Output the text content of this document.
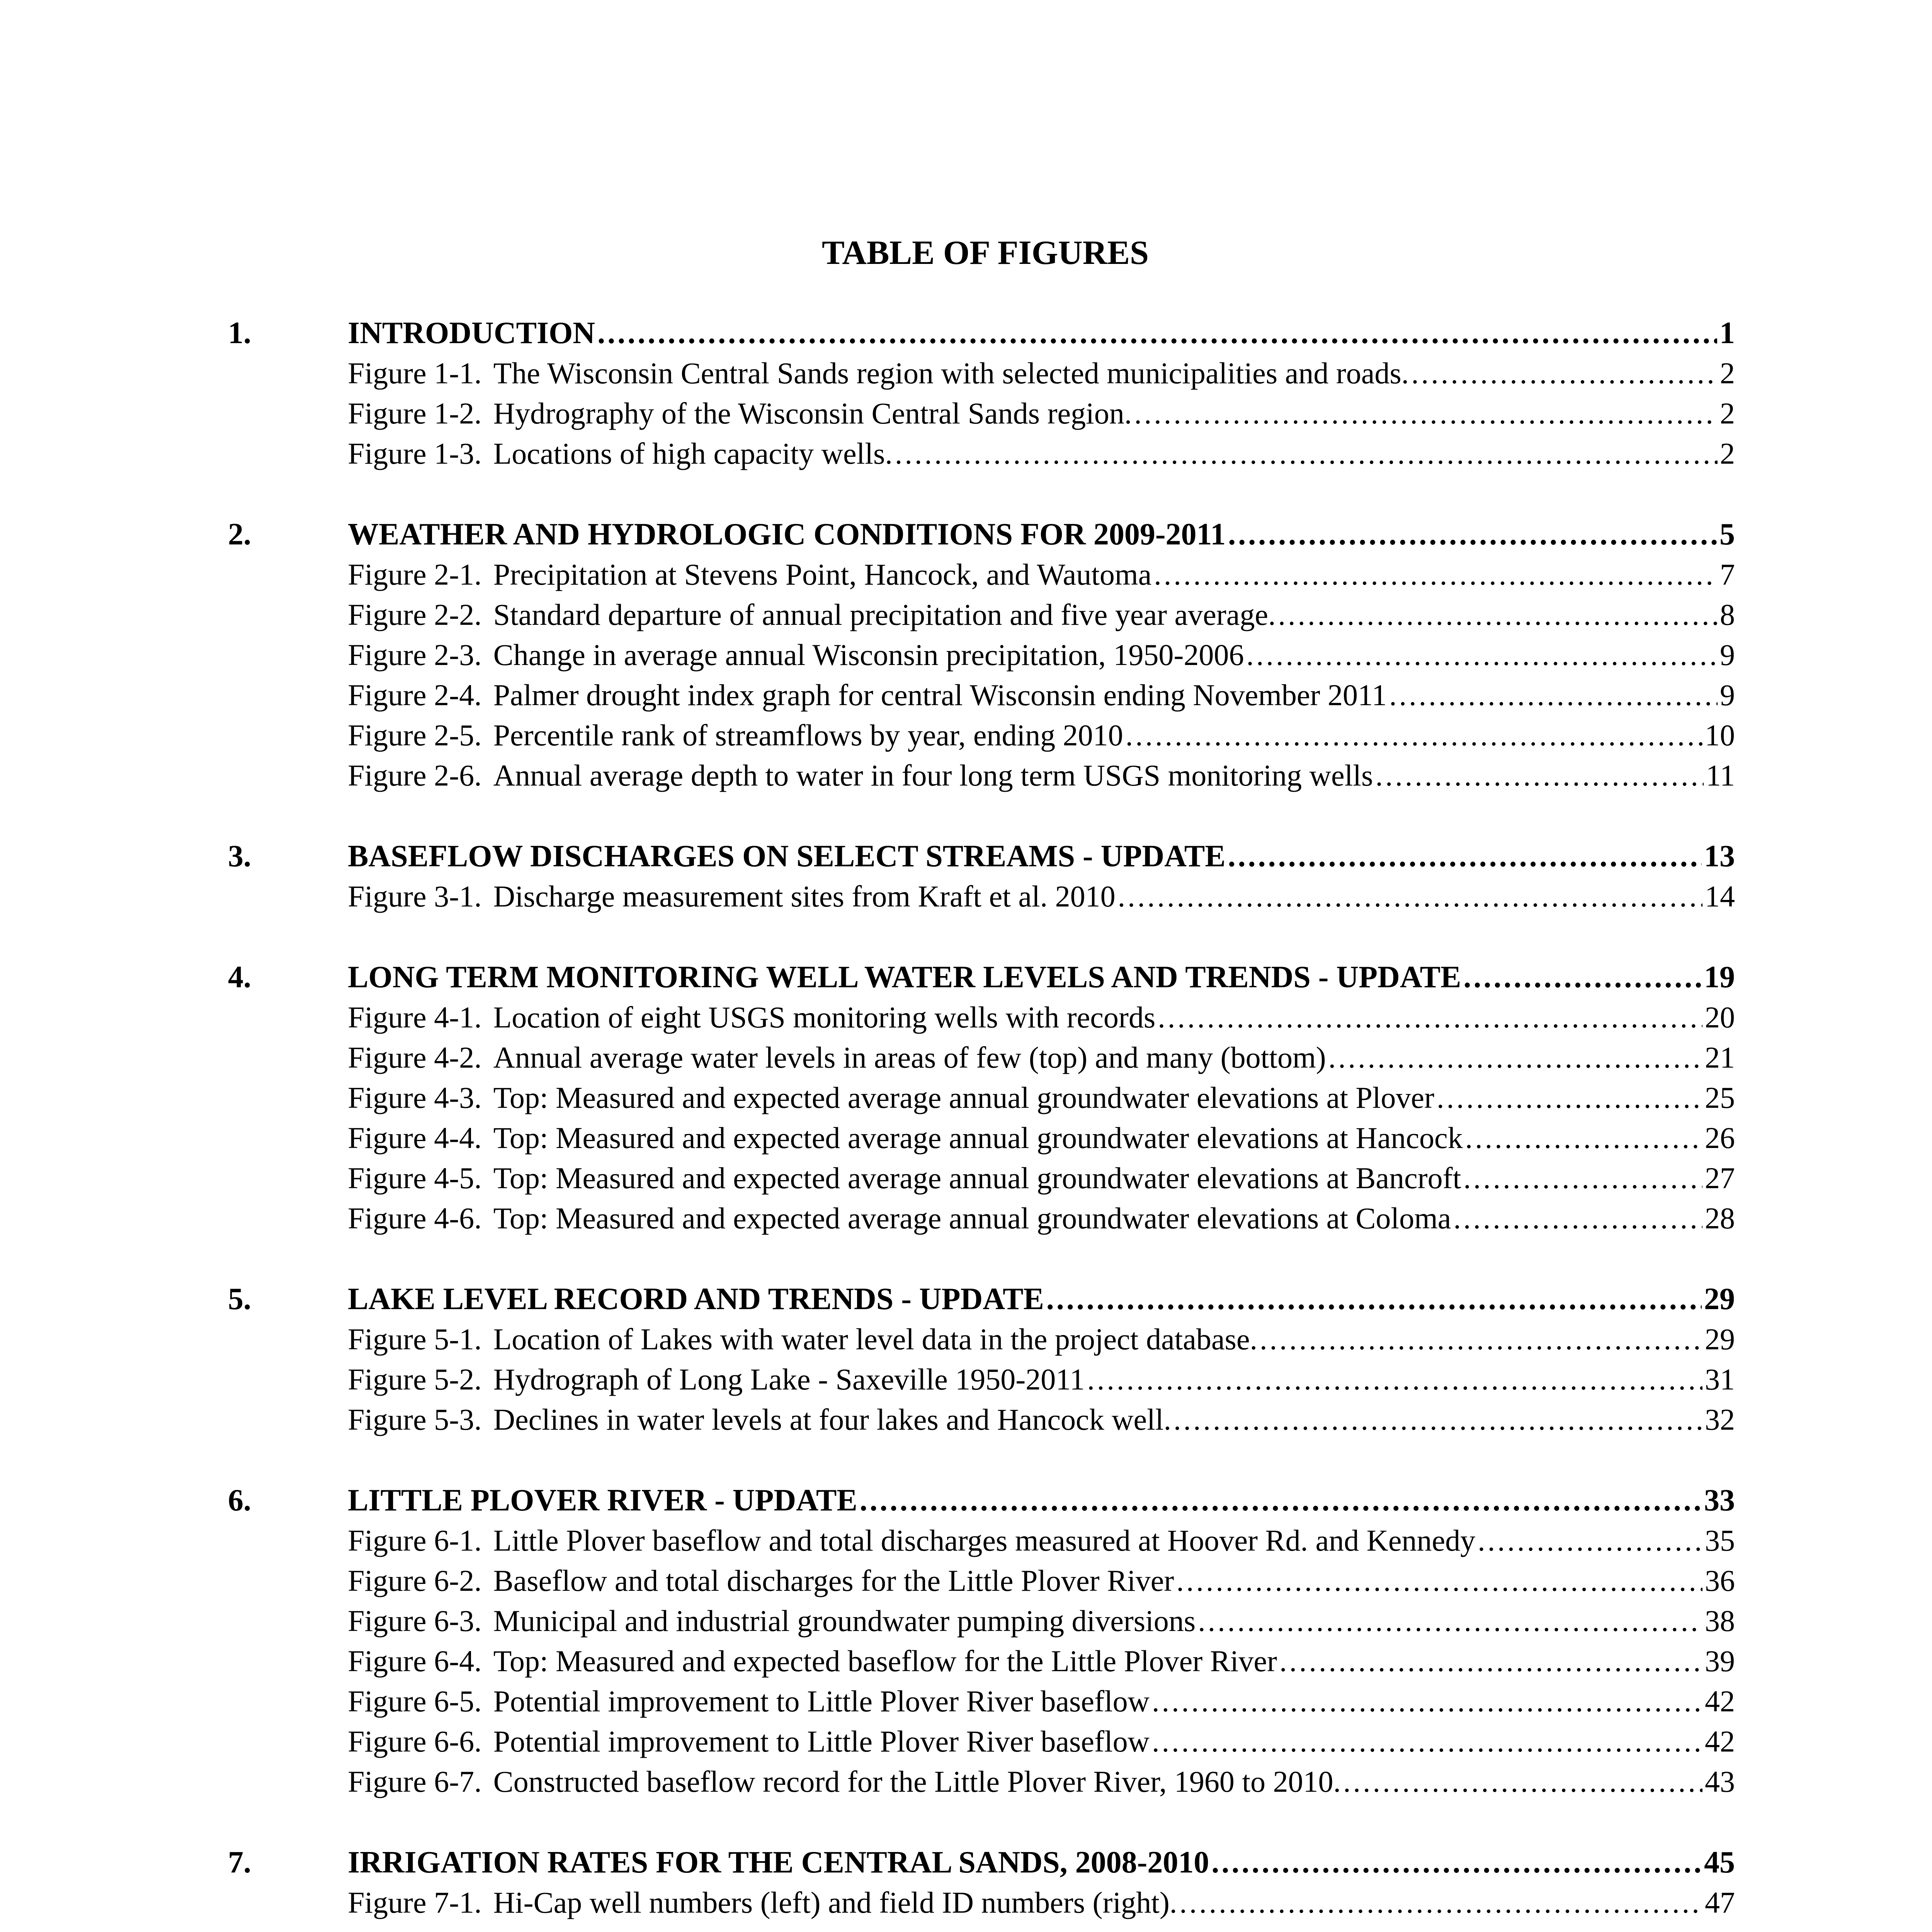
TABLE OF FIGURES
1.	INTRODUCTION .....	1
Figure 1-1. The Wisconsin Central Sands region with selected municipalities and roads. .....	2
Figure 1-2. Hydrography of the Wisconsin Central Sands region. .....	2
Figure 1-3. Locations of high capacity wells. .....	2
2.	WEATHER AND HYDROLOGIC CONDITIONS FOR 2009-2011 .....	5
Figure 2-1. Precipitation at Stevens Point, Hancock, and Wautoma .....	7
Figure 2-2. Standard departure of annual precipitation and five year average. .....	8
Figure 2-3. Change in average annual Wisconsin precipitation, 1950-2006 .....	9
Figure 2-4. Palmer drought index graph for central Wisconsin ending November 2011 .....	9
Figure 2-5. Percentile rank of streamflows by year, ending 2010 .....	10
Figure 2-6. Annual average depth to water in four long term USGS monitoring wells .....	11
3.	BASEFLOW DISCHARGES ON SELECT STREAMS - UPDATE .....	13
Figure 3-1. Discharge measurement sites from Kraft et al. 2010 .....	14
4.	LONG TERM MONITORING WELL WATER LEVELS AND TRENDS - UPDATE .....	19
Figure 4-1. Location of eight USGS monitoring wells with records .....	20
Figure 4-2. Annual average water levels in areas of few (top) and many (bottom) .....	21
Figure 4-3. Top: Measured and expected average annual groundwater elevations at Plover .....	25
Figure 4-4. Top: Measured and expected average annual groundwater elevations at Hancock .....	26
Figure 4-5. Top: Measured and expected average annual groundwater elevations at Bancroft .....	27
Figure 4-6. Top: Measured and expected average annual groundwater elevations at Coloma .....	28
5.	LAKE LEVEL RECORD AND TRENDS - UPDATE .....	29
Figure 5-1. Location of Lakes with water level data in the project database. .....	29
Figure 5-2. Hydrograph of Long Lake - Saxeville 1950-2011 .....	31
Figure 5-3. Declines in water levels at four lakes and Hancock well. .....	32
6.	LITTLE PLOVER RIVER - UPDATE .....	33
Figure 6-1. Little Plover baseflow and total discharges measured at Hoover Rd. and Kennedy .....	35
Figure 6-2. Baseflow and total discharges for the Little Plover River .....	36
Figure 6-3. Municipal and industrial groundwater pumping diversions .....	38
Figure 6-4. Top: Measured and expected baseflow for the Little Plover River .....	39
Figure 6-5. Potential improvement to Little Plover River baseflow .....	42
Figure 6-6. Potential improvement to Little Plover River baseflow .....	42
Figure 6-7. Constructed baseflow record for the Little Plover River, 1960 to 2010. .....	43
7.	IRRIGATION RATES FOR THE CENTRAL SANDS, 2008-2010 .....	45
Figure 7-1. Hi-Cap well numbers (left) and field ID numbers (right). .....	47
